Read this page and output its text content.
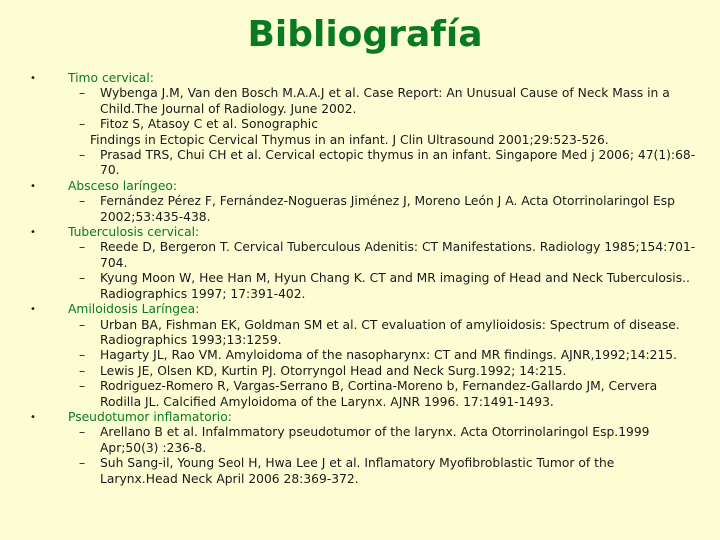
Bibliografía
•	Timo cervical:
– Wybenga J.M, Van den Bosch M.A.A.J et al. Case Report: An Unusual Cause of Neck Mass in a Child.The Journal of Radiology. June 2002.
– Fitoz S, Atasoy C et al. Sonographic
Findings in Ectopic Cervical Thymus in an infant. J Clin Ultrasound 2001;29:523-526.
– Prasad TRS, Chui CH et al. Cervical ectopic thymus in an infant. Singapore Med j 2006; 47(1):68-70.
•	Absceso laríngeo:
– Fernández Pérez F, Fernández-Nogueras Jiménez J, Moreno León J A. Acta Otorrinolaringol Esp 2002;53:435-438.
•	Tuberculosis cervical:
– Reede D, Bergeron T. Cervical Tuberculous Adenitis: CT Manifestations. Radiology 1985;154:701-704.
– Kyung Moon W, Hee Han M, Hyun Chang K. CT and MR imaging of Head and Neck Tuberculosis.. Radiographics 1997; 17:391-402.
•	Amiloidosis Laríngea:
– Urban BA, Fishman EK, Goldman SM et al. CT evaluation of amylioidosis: Spectrum of disease. Radiographics 1993;13:1259.
– Hagarty JL, Rao VM. Amyloidoma of the nasopharynx: CT and MR findings. AJNR,1992;14:215.
– Lewis JE, Olsen KD, Kurtin PJ. Otorryngol Head and Neck Surg.1992; 14:215.
– Rodriguez-Romero R, Vargas-Serrano B, Cortina-Moreno b, Fernandez-Gallardo JM, Cervera Rodilla JL. Calcified Amyloidoma of the Larynx. AJNR 1996. 17:1491-1493.
•	Pseudotumor inflamatorio:
– Arellano B et al. Infalmmatory pseudotumor of the larynx. Acta Otorrinolaringol Esp.1999 Apr;50(3) :236-8.
– Suh Sang-il, Young Seol H, Hwa Lee J et al. Inflamatory Myofibroblastic Tumor of the Larynx.Head Neck April 2006 28:369-372.
